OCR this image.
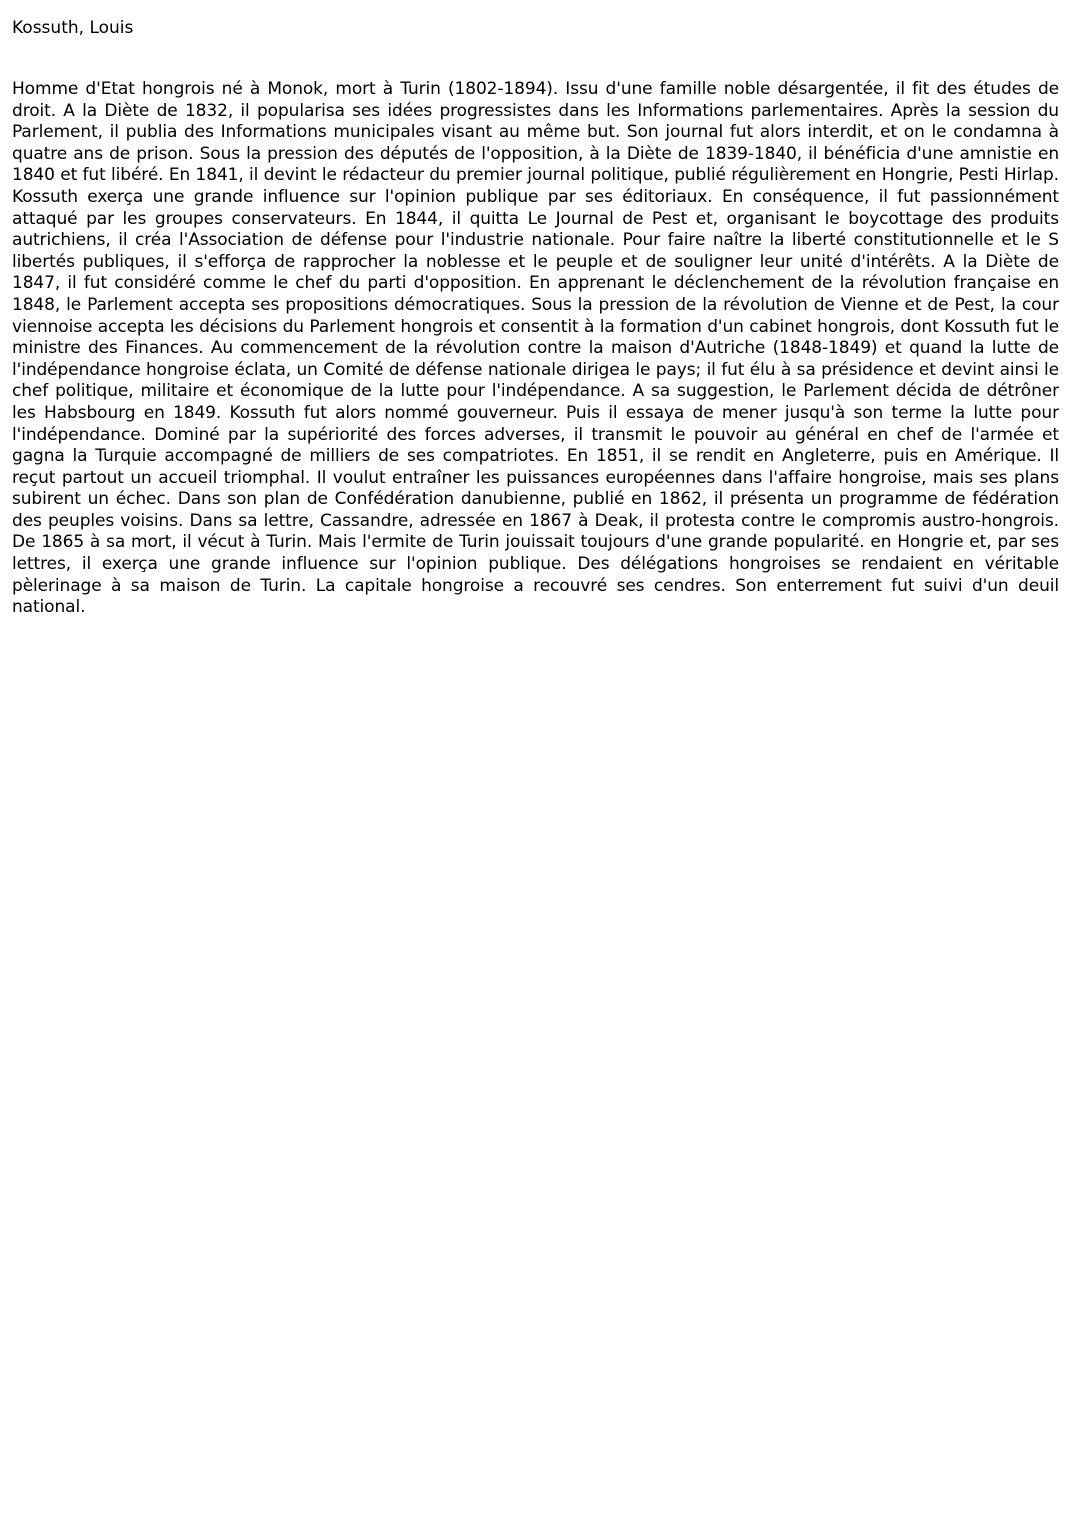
Kossuth, Louis

Homme d'Etat hongrois né à Monok, mort à Turin (1802-1894). Issu d'une famille noble désargentée, il fit des études de droit. A la Diète de 1832, il popularisa ses idées progressistes dans les Informations parlementaires. Après la session du Parlement, il publia des Informations municipales visant au même but. Son journal fut alors interdit, et on le condamna à quatre ans de prison. Sous la pression des députés de l'opposition, à la Diète de 1839-1840, il bénéficia d'une amnistie en 1840 et fut libéré. En 1841, il devint le rédacteur du premier journal politique, publié régulièrement en Hongrie, Pesti Hirlap. Kossuth exerça une grande influence sur l'opinion publique par ses éditoriaux. En conséquence, il fut passionnément attaqué par les groupes conservateurs. En 1844, il quitta Le Journal de Pest et, organisant le boycottage des produits autrichiens, il créa l'Association de défense pour l'industrie nationale. Pour faire naître la liberté constitutionnelle et le S libertés publiques, il s'efforça de rapprocher la noblesse et le peuple et de souligner leur unité d'intérêts. A la Diète de 1847, il fut considéré comme le chef du parti d'opposition. En apprenant le déclenchement de la révolution française en 1848, le Parlement accepta ses propositions démocratiques. Sous la pression de la révolution de Vienne et de Pest, la cour viennoise accepta les décisions du Parlement hongrois et consentit à la formation d'un cabinet hongrois, dont Kossuth fut le ministre des Finances. Au commencement de la révolution contre la maison d'Autriche (1848-1849) et quand la lutte de l'indépendance hongroise éclata, un Comité de défense nationale dirigea le pays; il fut élu à sa présidence et devint ainsi le chef politique, militaire et économique de la lutte pour l'indépendance. A sa suggestion, le Parlement décida de détrôner les Habsbourg en 1849. Kossuth fut alors nommé gouverneur. Puis il essaya de mener jusqu'à son terme la lutte pour l'indépendance. Dominé par la supériorité des forces adverses, il transmit le pouvoir au général en chef de l'armée et gagna la Turquie accompagné de milliers de ses compatriotes. En 1851, il se rendit en Angleterre, puis en Amérique. Il reçut partout un accueil triomphal. Il voulut entraîner les puissances européennes dans l'affaire hongroise, mais ses plans subirent un échec. Dans son plan de Confédération danubienne, publié en 1862, il présenta un programme de fédération des peuples voisins. Dans sa lettre, Cassandre, adressée en 1867 à Deak, il protesta contre le compromis austro-hongrois. De 1865 à sa mort, il vécut à Turin. Mais l'ermite de Turin jouissait toujours d'une grande popularité. en Hongrie et, par ses lettres, il exerça une grande influence sur l'opinion publique. Des délégations hongroises se rendaient en véritable pèlerinage à sa maison de Turin. La capitale hongroise a recouvré ses cendres. Son enterrement fut suivi d'un deuil national.
